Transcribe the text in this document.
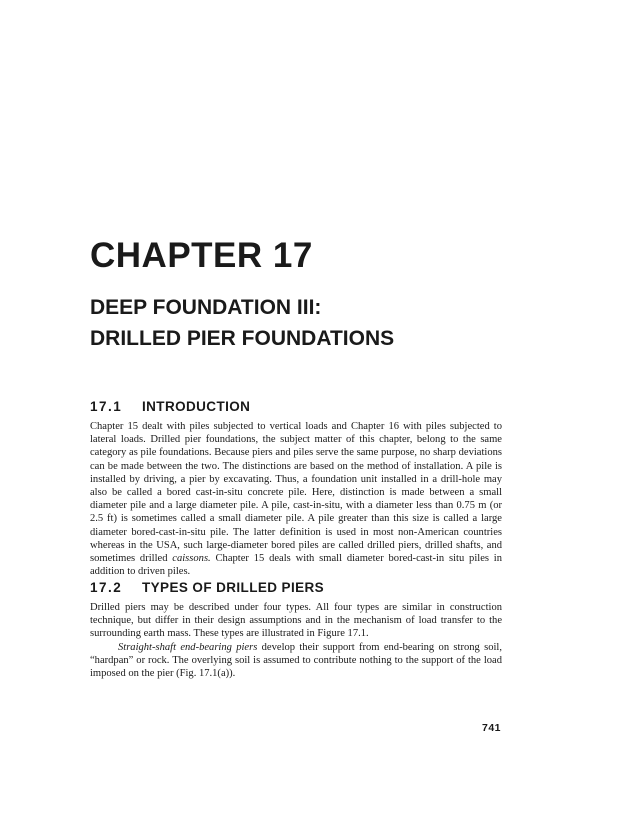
CHAPTER 17
DEEP FOUNDATION III:
DRILLED PIER FOUNDATIONS
17.1 INTRODUCTION
Chapter 15 dealt with piles subjected to vertical loads and Chapter 16 with piles subjected to lateral loads. Drilled pier foundations, the subject matter of this chapter, belong to the same category as pile foundations. Because piers and piles serve the same purpose, no sharp deviations can be made between the two. The distinctions are based on the method of installation. A pile is installed by driving, a pier by excavating. Thus, a foundation unit installed in a drill-hole may also be called a bored cast-in-situ concrete pile. Here, distinction is made between a small diameter pile and a large diameter pile. A pile, cast-in-situ, with a diameter less than 0.75 m (or 2.5 ft) is sometimes called a small diameter pile. A pile greater than this size is called a large diameter bored-cast-in-situ pile. The latter definition is used in most non-American countries whereas in the USA, such large-diameter bored piles are called drilled piers, drilled shafts, and sometimes drilled caissons. Chapter 15 deals with small diameter bored-cast-in situ piles in addition to driven piles.
17.2 TYPES OF DRILLED PIERS
Drilled piers may be described under four types. All four types are similar in construction technique, but differ in their design assumptions and in the mechanism of load transfer to the surrounding earth mass. These types are illustrated in Figure 17.1.
Straight-shaft end-bearing piers develop their support from end-bearing on strong soil, “hardpan” or rock. The overlying soil is assumed to contribute nothing to the support of the load imposed on the pier (Fig. 17.1(a)).
741
